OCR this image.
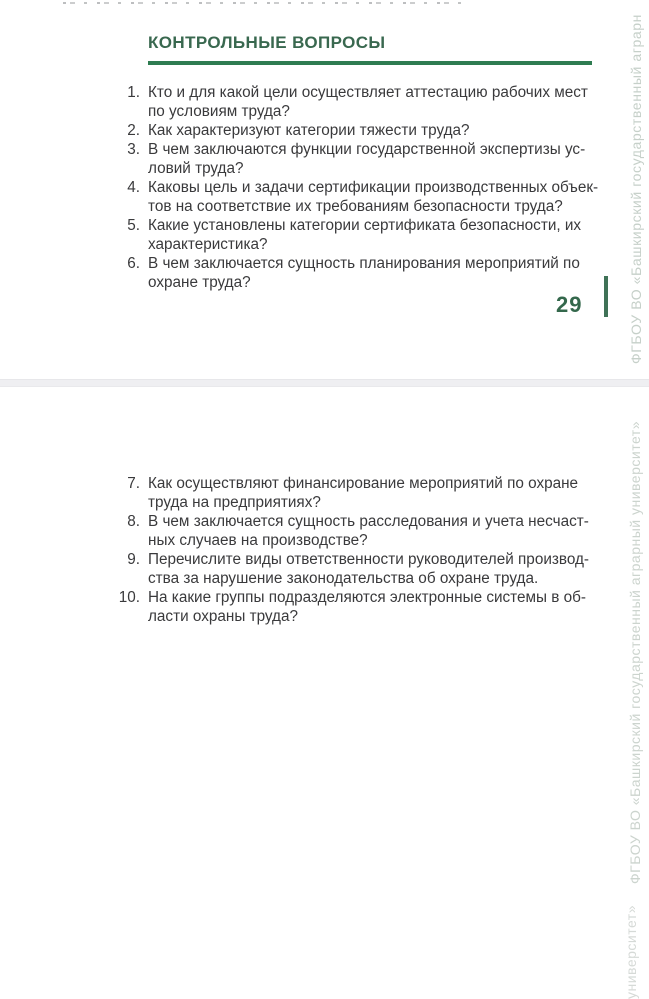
КОНТРОЛЬНЫЕ ВОПРОСЫ
1. Кто и для какой цели осуществляет аттестацию рабочих мест
по условиям труда?
2. Как характеризуют категории тяжести труда?
3. В чем заключаются функции государственной экспертизы ус-
ловий труда?
4. Каковы цель и задачи сертификации производственных объек-
тов на соответствие их требованиям безопасности труда?
5. Какие установлены категории сертификата безопасности, их
характеристика?
6. В чем заключается сущность планирования мероприятий по
охране труда?
29	ФГБОУ ВО «Башкирский государственный аграрн
7. Как осуществляют финансирование мероприятий по охране
труда на предприятиях?
8. В чем заключается сущность расследования и учета несчаст-
ных случаев на производстве?
9. Перечислите виды ответственности руководителей производ-
ства за нарушение законодательства об охране труда.
10. На какие группы подразделяются электронные системы в об-
ласти охраны труда?	ФГБОУ ВО «Башкирский государственный аграрный университет»
университет»
